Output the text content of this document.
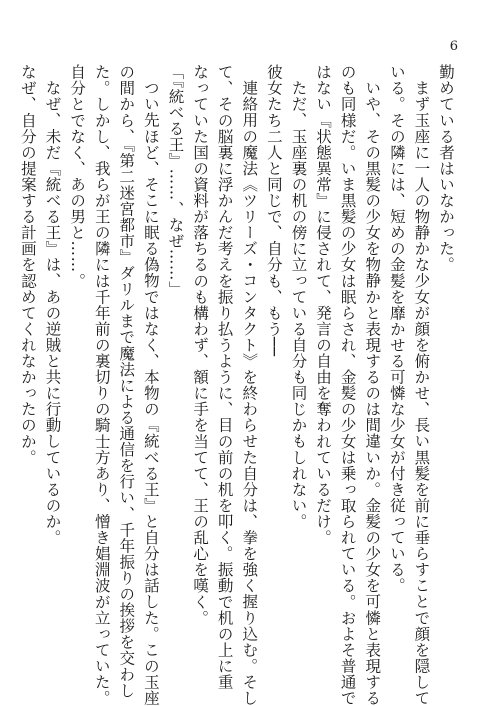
6
勤めている者はいなかった。
まず玉座に一人の物静かな少女が顔を俯かせ、長い黒髪を前に垂らすことで顔を隠して
いる。その隣には、短めの金髪を靡かせる可憐な少女が付き従っている。
いや、その黒髪の少女を物静かと表現するのは間違いか。金髪の少女を可憐と表現する
のも同様だ。いま黒髪の少女は眠らされ、金髪の少女は乗っ取られている。およそ普通で
はない『状態異常』に侵されて、発言の自由を奪われているだけ。
ただ、玉座裏の机の傍に立っている自分も同じかもしれない。
彼女たち二人と同じで、自分も、もう──
連絡用の魔法《ツリーズ・コンタクト》を終わらせた自分は、拳を強く握り込む。そし
て、その脳裏に浮かんだ考えを振り払うように、目の前の机を叩く。振動で机の上に重
なっていた国の資料が落ちるのも構わず、額に手を当てて、王の乱心を嘆く。
「『統べる王』……、なぜ……」
つい先ほど、そこに眠る偽物ではなく、本物の『統べる王』と自分は話した。この玉座
の間から、『第二迷宮都市』ダリルまで魔法による通信を行い、千年振りの挨拶を交わし
た。しかし、我らが王の隣には千年前の裏切りの騎士方あり、憎き娼淵波が立っていた。
自分とでなく、あの男と……。
なぜ、未だ『統べる王』は、あの逆賊と共に行動しているのか。
なぜ、自分の提案する計画を認めてくれなかったのか。
